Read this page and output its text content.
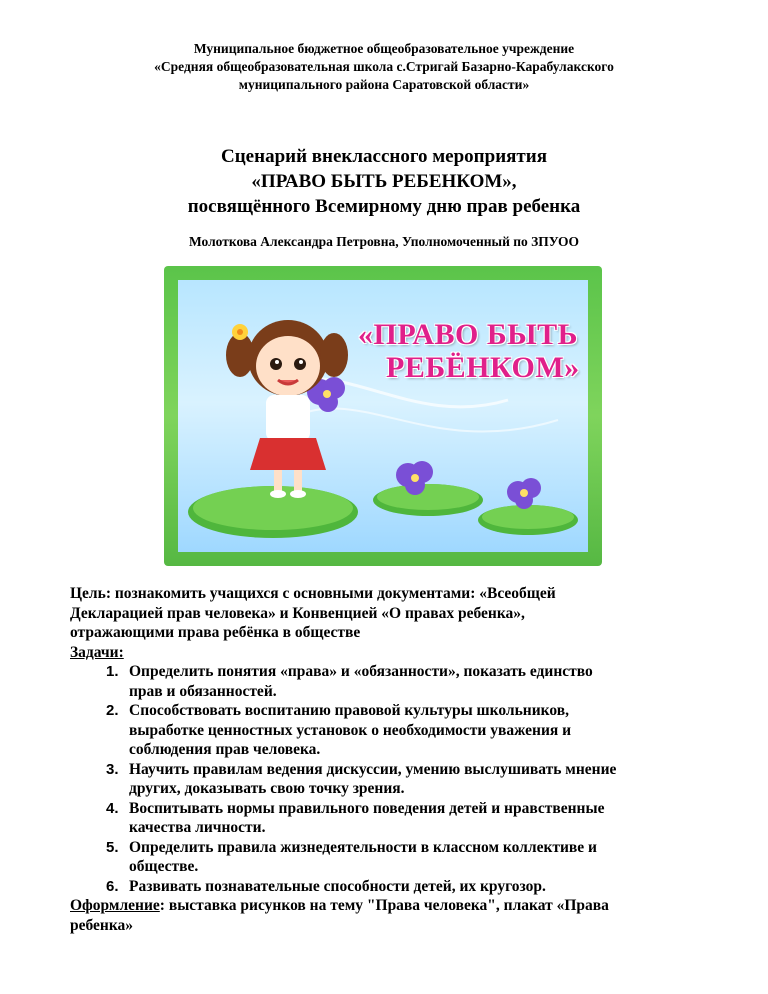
Муниципальное бюджетное общеобразовательное учреждение
«Средняя общеобразовательная школа с.Стригай Базарно-Карабулакского
муниципального района Саратовской области»
Сценарий внеклассного мероприятия
«ПРАВО БЫТЬ РЕБЕНКОМ»,
посвящённого Всемирному дню прав ребенка
Молоткова Александра Петровна, Уполномоченный по ЗПУОО
«ПРАВО БЫТЬ
РЕБЁНКОМ»
Цель: познакомить учащихся с основными документами: «Всеобщей
Декларацией прав человека» и Конвенцией «О правах ребенка»,
отражающими права ребёнка в обществе
Задачи:
1. Определить понятия «права» и «обязанности», показать единство
прав и обязанностей.
2. Способствовать воспитанию правовой культуры школьников,
выработке ценностных установок о необходимости уважения и
соблюдения прав человека.
3. Научить правилам ведения дискуссии, умению выслушивать мнение
других, доказывать свою точку зрения.
4. Воспитывать нормы правильного поведения детей и нравственные
качества личности.
5. Определить правила жизнедеятельности в классном коллективе и
обществе.
6. Развивать познавательные способности детей, их кругозор.
Оформление: выставка рисунков на тему "Права человека", плакат «Права
ребенка»
